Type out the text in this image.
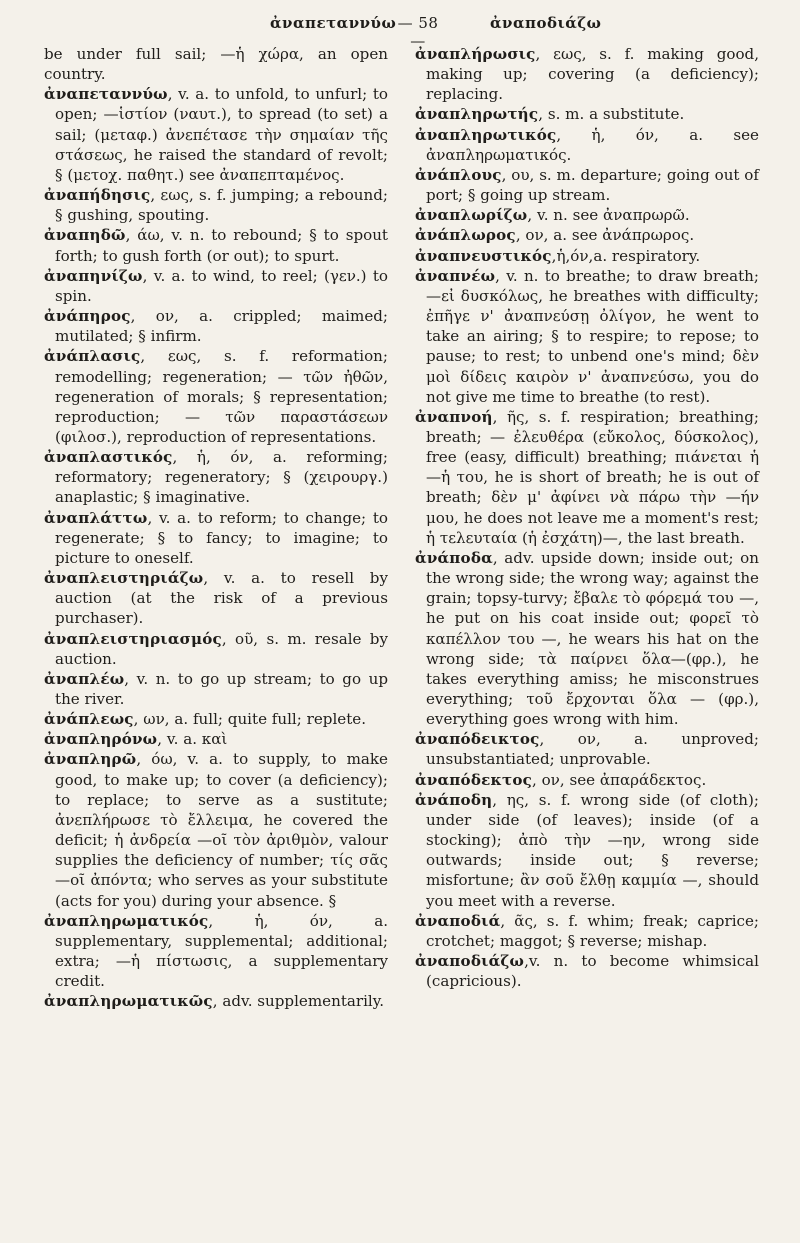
ἀναπεταννύω — 58 —
ἀναποδιάζω

be under full sail; —ἡ χώρα, an open country.

ἀναπεταννύω, v. a. to unfold, to unfurl; to open; —ἱστίον (ναυτ.), to spread (to set) a sail; (μεταφ.) ἀνεπέτασε τὴν σημαίαν τῆς στάσεως, he raised the standard of revolt; § (μετοχ. παθητ.) see ἀναπεπταμένος.

ἀναπήδησις, εως, s. f. jumping; a rebound; § gushing, spouting.

ἀναπηδῶ, άω, v. n. to rebound; § to spout forth; to gush forth (or out); to spurt.

ἀναπηνίζω, v. a. to wind, to reel; (γεν.) to spin.

ἀνάπηρος, ον, a. crippled; maimed; mutilated; § infirm.

ἀνάπλασις, εως, s. f. reformation; remodelling; regeneration; — τῶν ἠθῶν, regeneration of morals; § representation; reproduction; — τῶν παραστάσεων (φιλοσ.), reproduction of representations.

ἀναπλαστικός, ἡ, όν, a. reforming; reformatory; regeneratory; § (χειρουργ.) anaplastic; § imaginative.

ἀναπλάττω, v. a. to reform; to change; to regenerate; § to fancy; to imagine; to picture to oneself.

ἀναπλειστηριάζω, v. a. to resell by auction (at the risk of a previous purchaser).

ἀναπλειστηριασμός, οῦ, s. m. resale by auction.

ἀναπλέω, v. n. to go up stream; to go up the river.

ἀνάπλεως, ων, a. full; quite full; replete.

ἀναπληρόνω, v. a. καὶ

ἀναπληρῶ, όω, v. a. to supply, to make good, to make up; to cover (a deficiency); to replace; to serve as a sustitute; ἀνεπλήρωσε τὸ ἔλλειμα, he covered the deficit; ἡ ἀνδρεία —οῖ τὸν ἀριθμὸν, valour supplies the deficiency of number; τίς σᾶς —οῖ ἀπόντα; who serves as your substitute (acts for you) during your absence. §

ἀναπληρωματικός, ἡ, όν, a. supplementary, supplemental; additional; extra; —ἡ πίστωσις, a supplementary credit.

ἀναπληρωματικῶς, adv. supplementarily.

ἀναπλήρωσις, εως, s. f. making good, making up; covering (a deficiency); replacing.

ἀναπληρωτής, s. m. a substitute.

ἀναπληρωτικός, ἡ, όν, a. see ἀναπληρωματικός.

ἀνάπλους, ου, s. m. departure; going out of port; § going up stream.

ἀναπλωρίζω, v. n. see ἀναπρωρῶ.

ἀνάπλωρος, ον, a. see ἀνάπρωρος.

ἀναπνευστικός,ἡ,όν,a. respiratory.

ἀναπνέω, v. n. to breathe; to draw breath; —εἰ δυσκόλως, he breathes with difficulty; ἐπῆγε ν' ἀναπνεύσῃ ὀλίγον, he went to take an airing; § to respire; to repose; to pause; to rest; to unbend one's mind; δὲν μοὶ δίδεις καιρὸν ν' ἀναπνεύσω, you do not give me time to breathe (to rest).

ἀναπνοή, ῆς, s. f. respiration; breathing; breath; — ἐλευθέρα (εὔκολος, δύσκολος), free (easy, difficult) breathing; πιάνεται ἡ —ἡ του, he is short of breath; he is out of breath; δὲν μ' ἀφίνει νὰ πάρω τὴν —ήν μου, he does not leave me a moment's rest; ἡ τελευταία (ἡ ἐσχάτη)—, the last breath.

ἀνάποδα, adv. upside down; inside out; on the wrong side; the wrong way; against the grain; topsy-turvy; ἔβαλε τὸ φόρεμά του —, he put on his coat inside out; φορεῖ τὸ καπέλλον του —, he wears his hat on the wrong side; τὰ παίρνει ὅλα—(φρ.), he takes everything amiss; he misconstrues everything; τοῦ ἔρχονται ὅλα — (φρ.), everything goes wrong with him.

ἀναπόδεικτος, ον, a. unproved; unsubstantiated; unprovable.

ἀναπόδεκτος, ον, see ἀπαράδεκτος.

ἀνάποδη, ης, s. f. wrong side (of cloth); under side (of leaves); inside (of a stocking); ἀπὸ τὴν —ην, wrong side outwards; inside out; § reverse; misfortune; ἂν σοῦ ἔλθῃ καμμία —, should you meet with a reverse.

ἀναποδιά, ᾶς, s. f. whim; freak; caprice; crotchet; maggot; § reverse; mishap.

ἀναποδιάζω,v. n. to become whimsical (capricious).
